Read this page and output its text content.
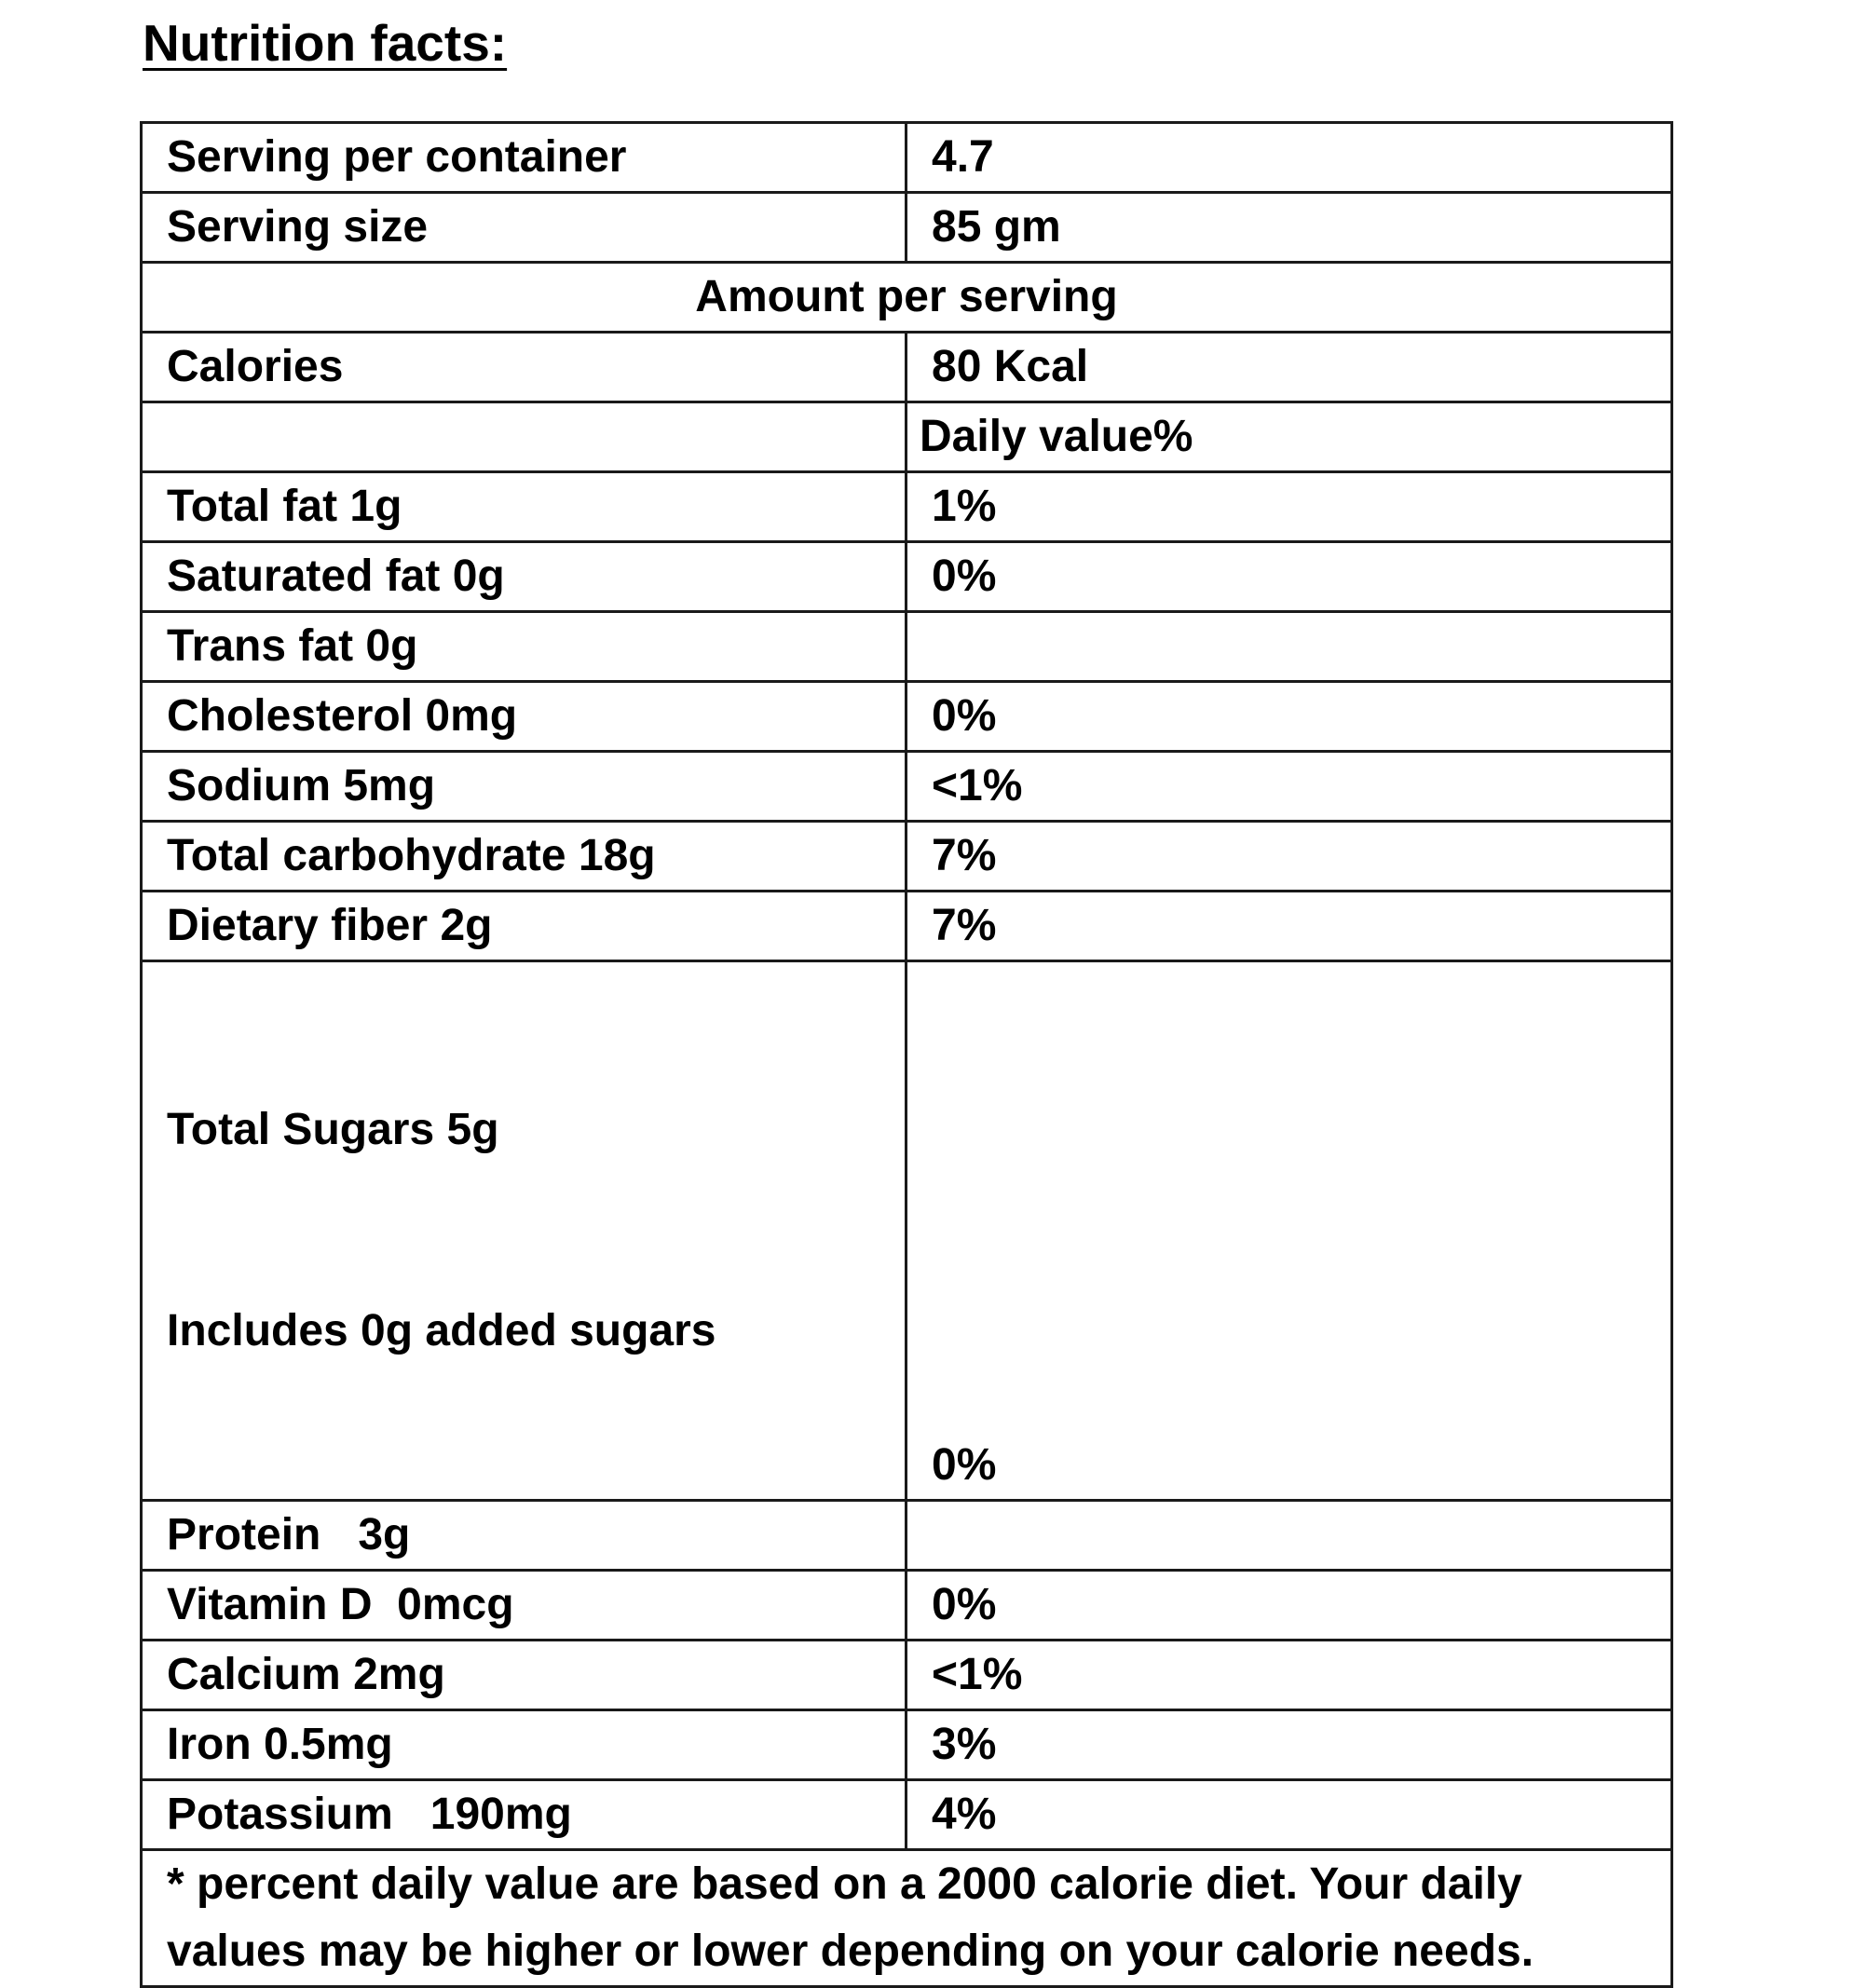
Nutrition facts:
Serving per container	4.7
Serving size	85 gm
Amount per serving	
Calories	80 Kcal
	Daily value%
Total fat 1g	1%
Saturated fat 0g	0%
Trans fat 0g	
Cholesterol 0mg	0%
Sodium 5mg	<1%
Total carbohydrate 18g	7%
Dietary fiber 2g	7%

Total Sugars 5g

Includes 0g added sugars	0%
Protein   3g	
Vitamin D  0mcg	0%
Calcium 2mg	<1%
Iron 0.5mg	3%
Potassium   190mg	4%
* percent daily value are based on a 2000 calorie diet. Your daily values may be higher or lower depending on your calorie needs.	
